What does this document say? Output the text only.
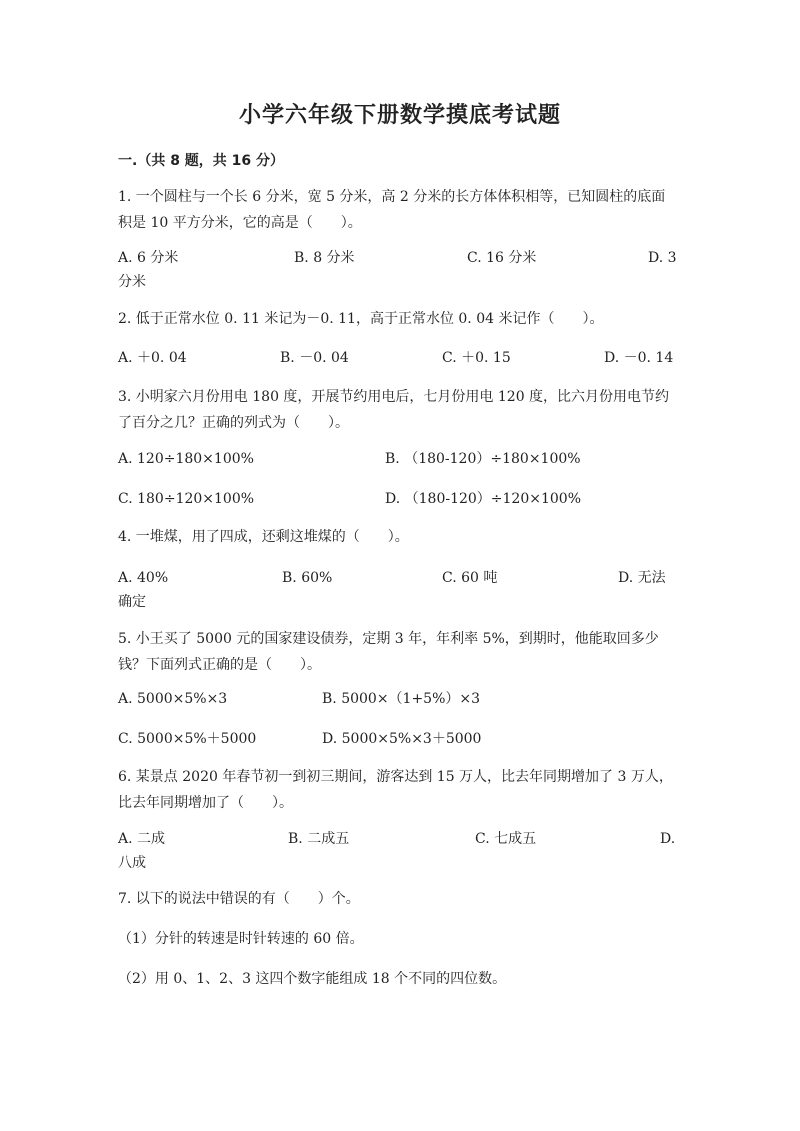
小学六年级下册数学摸底考试题
一.（共 8 题，共 16 分）
1. 一个圆柱与一个长 6 分米，宽 5 分米，高 2 分米的长方体体积相等，已知圆柱的底面积是 10 平方分米，它的高是（　　）。
A. 6 分米	B. 8 分米	C. 16 分米	D. 3
分米
2. 低于正常水位 0. 11 米记为－0. 11，高于正常水位 0. 04 米记作（　　）。
A. ＋0. 04	B. －0. 04	C. ＋0. 15	D. －0. 14
3. 小明家六月份用电 180 度，开展节约用电后，七月份用电 120 度，比六月份用电节约了百分之几？正确的列式为（　　）。
A. 120÷180×100%	B. （180-120）÷180×100%
C. 180÷120×100%	D. （180-120）÷120×100%
4. 一堆煤，用了四成，还剩这堆煤的（　　）。
A. 40%	B. 60%	C. 60 吨	D. 无法
确定
5. 小王买了 5000 元的国家建设债券，定期 3 年，年利率 5%，到期时，他能取回多少钱？下面列式正确的是（　　）。
A. 5000×5%×3	B. 5000×（1+5%）×3
C. 5000×5%＋5000	D. 5000×5%×3＋5000
6. 某景点 2020 年春节初一到初三期间，游客达到 15 万人，比去年同期增加了 3 万人，比去年同期增加了（　　）。
A. 二成	B. 二成五	C. 七成五	D.
八成
7. 以下的说法中错误的有（　　）个。
（1）分针的转速是时针转速的 60 倍。
（2）用 0、1、2、3 这四个数字能组成 18 个不同的四位数。
